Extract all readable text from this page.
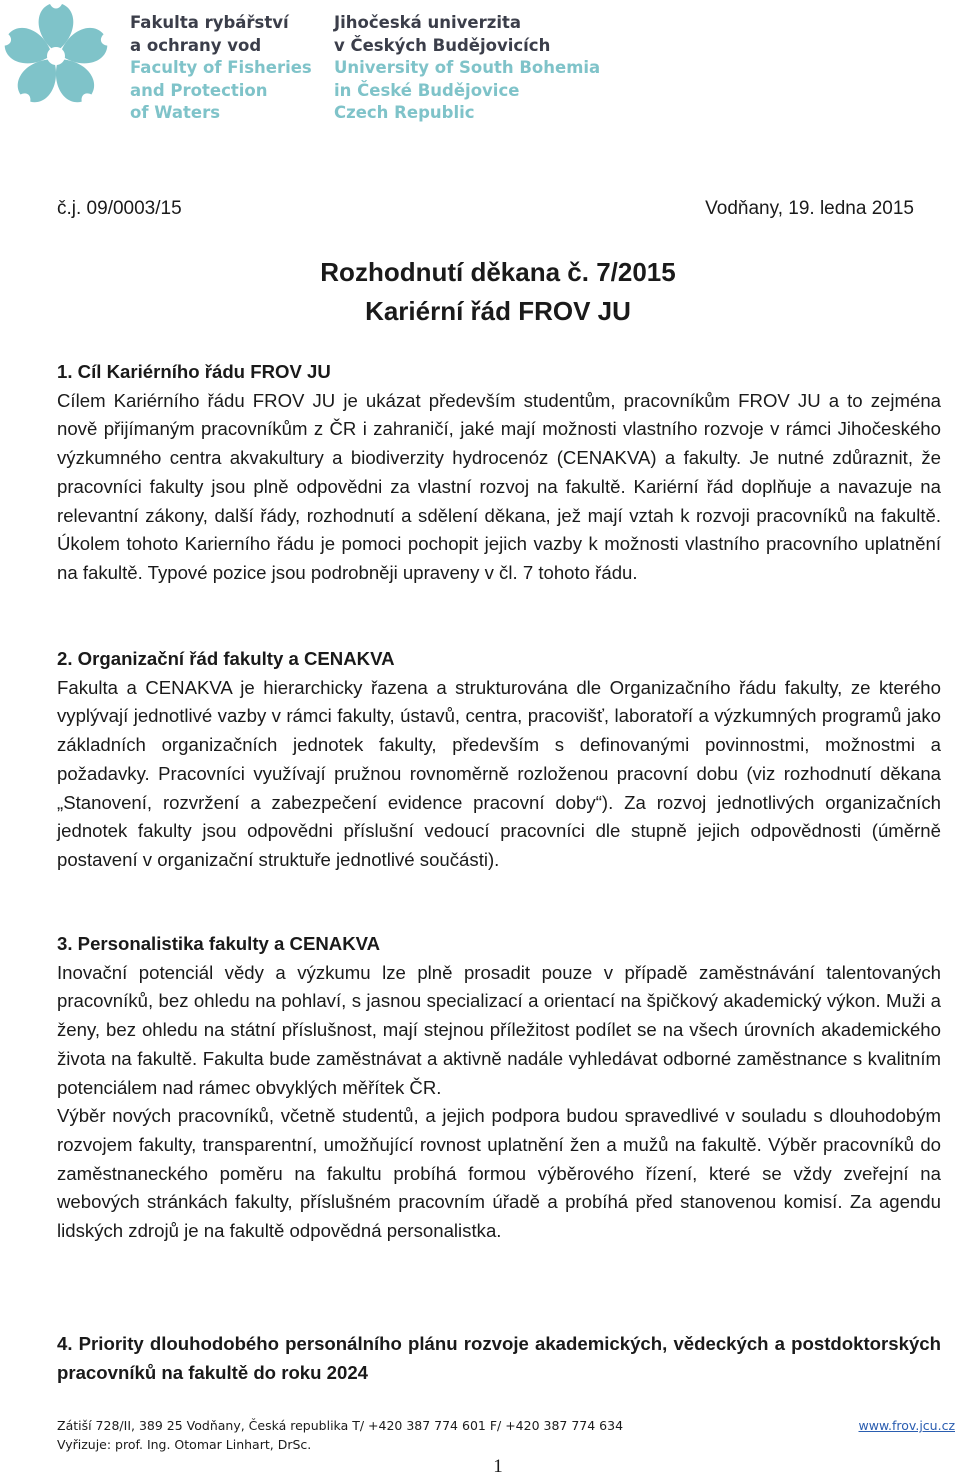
Fakulta rybářství
a ochrany vod
Faculty of Fisheries
and Protection
of Waters
Jihočeská univerzita
v Českých Budějovicích
University of South Bohemia
in České Budějovice
Czech Republic
č.j. 09/0003/15	Vodňany, 19. ledna 2015
Rozhodnutí děkana č. 7/2015
Kariérní řád FROV JU
1. Cíl Kariérního řádu FROV JU

Cílem Kariérního řádu FROV JU je ukázat především studentům, pracovníkům FROV JU a to zejména nově přijímaným pracovníkům z ČR i zahraničí, jaké mají možnosti vlastního rozvoje v rámci Jihočeského výzkumného centra akvakultury a biodiverzity hydrocenóz (CENAKVA) a fakulty. Je nutné zdůraznit, že pracovníci fakulty jsou plně odpovědni za vlastní rozvoj na fakultě. Kariérní řád doplňuje a navazuje na relevantní zákony, další řády, rozhodnutí a sdělení děkana, jež mají vztah k rozvoji pracovníků na fakultě. Úkolem tohoto Karierního řádu je pomoci pochopit jejich vazby k možnosti vlastního pracovního uplatnění na fakultě. Typové pozice jsou podrobněji upraveny v čl. 7 tohoto řádu.

2. Organizační řád fakulty a CENAKVA

Fakulta a CENAKVA je hierarchicky řazena a strukturována dle Organizačního řádu fakulty, ze kterého vyplývají jednotlivé vazby v rámci fakulty, ústavů, centra, pracovišť, laboratoří a výzkumných programů jako základních organizačních jednotek fakulty, především s definovanými povinnostmi, možnostmi a požadavky. Pracovníci využívají pružnou rovnoměrně rozloženou pracovní dobu (viz rozhodnutí děkana „Stanovení, rozvržení a zabezpečení evidence pracovní doby“). Za rozvoj jednotlivých organizačních jednotek fakulty jsou odpovědni příslušní vedoucí pracovníci dle stupně jejich odpovědnosti (úměrně postavení v organizační struktuře jednotlivé součásti).

3. Personalistika fakulty a CENAKVA

Inovační potenciál vědy a výzkumu lze plně prosadit pouze v případě zaměstnávání talentovaných pracovníků, bez ohledu na pohlaví, s jasnou specializací a orientací na špičkový akademický výkon. Muži a ženy, bez ohledu na státní příslušnost, mají stejnou příležitost podílet se na všech úrovních akademického života na fakultě. Fakulta bude zaměstnávat a aktivně nadále vyhledávat odborné zaměstnance s kvalitním potenciálem nad rámec obvyklých měřítek ČR.

Výběr nových pracovníků, včetně studentů, a jejich podpora budou spravedlivé v souladu s dlouhodobým rozvojem fakulty, transparentní, umožňující rovnost uplatnění žen a mužů na fakultě. Výběr pracovníků do zaměstnaneckého poměru na fakultu probíhá formou výběrového řízení, které se vždy zveřejní na webových stránkách fakulty, příslušném pracovním úřadě a probíhá před stanovenou komisí. Za agendu lidských zdrojů je na fakultě odpovědná personalistka.

4. Priority dlouhodobého personálního plánu rozvoje akademických, vědeckých a postdoktorských pracovníků na fakultě do roku 2024
Zátiší 728/II, 389 25 Vodňany, Česká republika T/ +420 387 774 601 F/ +420 387 774 634
Vyřizuje: prof. Ing. Otomar Linhart, DrSc.
www.frov.jcu.cz
1
